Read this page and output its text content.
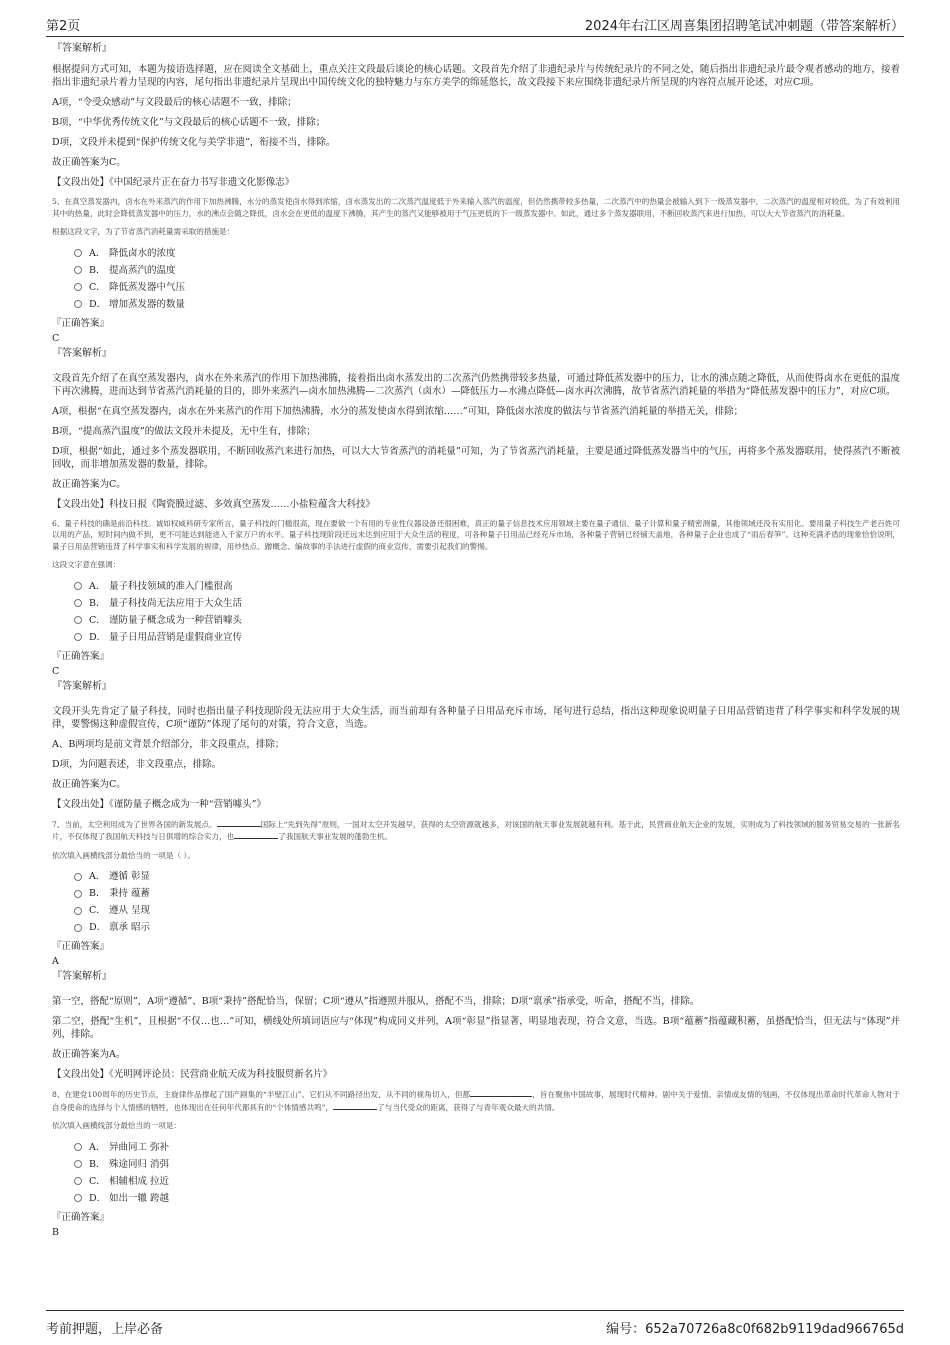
第2页	2024年右江区周喜集团招聘笔试冲刺题（带答案解析）
『答案解析』

根据提问方式可知，本题为接语选择题，应在阅读全文基础上，重点关注文段最后谈论的核心话题。文段首先介绍了非遗纪录片与传统纪录片的不同之处，随后指出非遗纪录片最令观者感动的地方，接着指出非遗纪录片着力呈现的内容，尾句指出非遗纪录片呈现出中国传统文化的独特魅力与东方美学的绵延悠长，故文段接下来应围绕非遗纪录片所呈现的内容符点展开论述，对应C项。

A项，“令受众感动”与文段最后的核心话题不一致，排除；

B项，“中华优秀传统文化”与文段最后的核心话题不一致，排除；

D项，文段并未提到“保护传统文化与美学非遗”，衔接不当，排除。

故正确答案为C。

【文段出处】《中国纪录片正在奋力书写非遗文化影像志》

5、在真空蒸发器内，卤水在外来蒸汽的作用下加热沸腾，水分的蒸发使卤水得到浓缩，卤水蒸发出的二次蒸汽温度低于外来输入蒸汽的温度，但仍然携带较多热量，二次蒸汽中的热量会被输入到下一级蒸发器中，二次蒸汽的温度相对较低，为了有效利用其中的热量，此时会降低蒸发器中的压力，水的沸点会随之降低，卤水会在更低的温度下沸腾，其产生的蒸汽又能够被用于气压更低的下一级蒸发器中。如此，通过多个蒸发器联用，不断回收蒸汽来进行加热，可以大大节省蒸汽的消耗量。

根据这段文字，为了节省蒸汽消耗量需采取的措施是：

A． 降低卤水的浓度
B． 提高蒸汽的温度
C． 降低蒸发器中气压
D． 增加蒸发器的数量
『正确答案』
C
『答案解析』

文段首先介绍了在真空蒸发器内，卤水在外来蒸汽的作用下加热沸腾，接着指出卤水蒸发出的二次蒸汽仍然携带较多热量，可通过降低蒸发器中的压力，让水的沸点随之降低，从而使得卤水在更低的温度下再次沸腾，进而达到节省蒸汽消耗量的目的，即外来蒸汽—卤水加热沸腾—二次蒸汽（卤水）—降低压力—水沸点降低—卤水再次沸腾，故节省蒸汽消耗量的举措为“降低蒸发器中的压力”，对应C项。

A项，根据“在真空蒸发器内，卤水在外来蒸汽的作用下加热沸腾，水分的蒸发使卤水得到浓缩……”可知，降低卤水浓度的做法与节省蒸汽消耗量的举措无关，排除；

B项，“提高蒸汽温度”的做法文段并未提及，无中生有，排除；

D项，根据“如此，通过多个蒸发器联用，不断回收蒸汽来进行加热，可以大大节省蒸汽的消耗量”可知，为了节省蒸汽消耗量，主要是通过降低蒸发器当中的气压，再将多个蒸发器联用，使得蒸汽不断被回收，而非增加蒸发器的数量，排除。

故正确答案为C。

【文段出处】科技日报《陶瓷膜过滤、多效真空蒸发……小盐粒蕴含大科技》

6、量子科技的确是前沿科技。诚如权威科研专家所言，量子科技的门槛很高，现在要做一个有用的专业性仪器设备还很困难，真正的量子信息技术应用领域主要在量子通信、量子计算和量子精密测量，其他领域还没有实用化。要用量子科技生产老百姓可以用的产品，短时间内做不到，更不可能达到能进入千家万户的水平。量子科技现阶段还远未达到应用于大众生活的程度，可各种量子日用品已经充斥市场，各种量子营销已经铺天盖地，各种量子企业也成了“雨后春笋”。这种充满矛盾的现象恰恰说明，量子日用品营销违背了科学事实和科学发展的规律，用炒热点、蹭概念、编故事的手法进行虚假的商业宣传，需要引起我们的警惕。

这段文字意在强调：

A． 量子科技领域的准入门槛很高
B． 量子科技尚无法应用于大众生活
C． 谨防量子概念成为一种营销噱头
D． 量子日用品营销是虚假商业宣传
『正确答案』
C
『答案解析』

文段开头先肯定了量子科技，同时也指出量子科技现阶段无法应用于大众生活，而当前却有各种量子日用品充斥市场，尾句进行总结，指出这种现象说明量子日用品营销违背了科学事实和科学发展的规律，要警惕这种虚假宣传，C项“谨防”体现了尾句的对策，符合文意，当选。

A、B两项均是前文背景介绍部分，非文段重点，排除；

D项，为问题表述，非文段重点，排除。

故正确答案为C。

【文段出处】《谨防量子概念成为一种“营销噱头”》

7、当前，太空利用成为了世界各国的新发展点。	国际上“先到先得”原则，一国对太空开发越早，获得的太空资源就越多，对该国的航天事业发展就越有利。基于此，民营商业航天企业的发展，实则成为了科技领域的服务贸易交易的一张新名片，不仅体现了我国航天科技与日俱增的综合实力，也	了我国航天事业发展的蓬勃生机。

依次填入画横线部分最恰当的一项是（ ）。

A． 遵循 彰显
B． 秉持 蕴蓄
C． 遵从 呈现
D． 禀承 昭示
『正确答案』
A
『答案解析』

第一空，搭配“原则”，A项“遵循”、B项“秉持”搭配恰当，保留；C项“遵从”指遵照并服从，搭配不当，排除；D项“禀承”指承受，听命，搭配不当，排除。

第二空，搭配“生机”，且根据“不仅…也…”可知，横线处所填词语应与“体现”构成同义并列，A项“彰显”指显著，明显地表现，符合文意，当选。B项“蕴蓄”指蕴藏积蓄，虽搭配恰当，但无法与“体现”并列，排除。

故正确答案为A。

【文段出处】《光明网评论员：民营商业航天成为科技服贸新名片》

8、在建党100周年的历史节点，主旋律作品撑起了国产剧集的“半壁江山”。它们从不同路径出发，从不同的视角切入，但都	，旨在聚焦中国故事，展现时代精神。剧中关于爱情、亲情或友情的刻画，不仅体现出革命时代革命人物对于自身使命的选择与个人情感的牺牲，也体现出在任何年代都具有的“个体情感共鸣”，	了与当代受众的距离，获得了与青年观众最大的共情。

依次填入画横线部分最恰当的一项是：

A． 异曲同工 弥补
B． 殊途同归 消弭
C． 相辅相成 拉近
D． 如出一辙 跨越
『正确答案』
B
考前押题，上岸必备	编号：652a70726a8c0f682b9119dad966765d
